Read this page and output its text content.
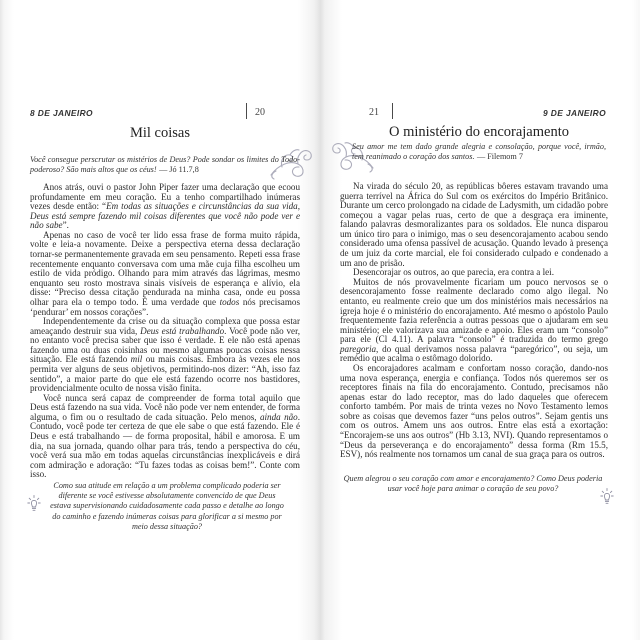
8 DE JANEIRO	20
Mil coisas

Você consegue perscrutar os mistérios de Deus? Pode sondar os limites do Todo-poderoso? São mais altos que os céus! — Jó 11.7,8

Anos atrás, ouvi o pastor John Piper fazer uma declaração que ecoou profundamente em meu coração. Eu a tenho compartilhado inúmeras vezes desde então: “Em todas as situações e circunstâncias da sua vida, Deus está sempre fazendo mil coisas diferentes que você não pode ver e não sabe”.

Apenas no caso de você ter lido essa frase de forma muito rápida, volte e leia-a novamente. Deixe a perspectiva eterna dessa declaração tornar-se permanentemente gravada em seu pensamento. Repeti essa frase recentemente enquanto conversava com uma mãe cuja filha escolheu um estilo de vida pródigo. Olhando para mim através das lágrimas, mesmo enquanto seu rosto mostrava sinais visíveis de esperança e alívio, ela disse: “Preciso dessa citação pendurada na minha casa, onde eu possa olhar para ela o tempo todo. É uma verdade que todos nós precisamos ‘pendurar’ em nossos corações”.

Independentemente da crise ou da situação complexa que possa estar ameaçando destruir sua vida, Deus está trabalhando. Você pode não ver, no entanto você precisa saber que isso é verdade. E ele não está apenas fazendo uma ou duas coisinhas ou mesmo algumas poucas coisas nessa situação. Ele está fazendo mil ou mais coisas. Embora às vezes ele nos permita ver alguns de seus objetivos, permitindo-nos dizer: “Ah, isso faz sentido”, a maior parte do que ele está fazendo ocorre nos bastidores, providencialmente oculto de nossa visão finita.

Você nunca será capaz de compreender de forma total aquilo que Deus está fazendo na sua vida. Você não pode ver nem entender, de forma alguma, o fim ou o resultado de cada situação. Pelo menos, ainda não. Contudo, você pode ter certeza de que ele sabe o que está fazendo. Ele é Deus e está trabalhando — de forma proposital, hábil e amorosa. E um dia, na sua jornada, quando olhar para trás, tendo a perspectiva do céu, você verá sua mão em todas aquelas circunstâncias inexplicáveis e dirá com admiração e adoração: “Tu fazes todas as coisas bem!”. Conte com isso.

Como sua atitude em relação a um problema complicado poderia ser diferente se você estivesse absolutamente convencido de que Deus estava supervisionando cuidadosamente cada passo e detalhe ao longo do caminho e fazendo inúmeras coisas para glorificar a si mesmo por meio dessa situação?

21	9 DE JANEIRO
O ministério do encorajamento

Seu amor me tem dado grande alegria e consolação, porque você, irmão, tem reanimado o coração dos santos. — Filemom 7

Na virada do século 20, as repúblicas bôeres estavam travando uma guerra terrível na África do Sul com os exércitos do Império Britânico. Durante um cerco prolongado na cidade de Ladysmith, um cidadão pobre começou a vagar pelas ruas, certo de que a desgraça era iminente, falando palavras desmoralizantes para os soldados. Ele nunca disparou um único tiro para o inimigo, mas o seu desencorajamento acabou sendo considerado uma ofensa passível de acusação. Quando levado à presença de um juiz da corte marcial, ele foi considerado culpado e condenado a um ano de prisão.

Desencorajar os outros, ao que parecia, era contra a lei.

Muitos de nós provavelmente ficariam um pouco nervosos se o desencorajamento fosse realmente declarado como algo ilegal. No entanto, eu realmente creio que um dos ministérios mais necessários na igreja hoje é o ministério do encorajamento. Até mesmo o apóstolo Paulo frequentemente fazia referência a outras pessoas que o ajudaram em seu ministério; ele valorizava sua amizade e apoio. Eles eram um “consolo” para ele (Cl 4.11). A palavra “consolo” é traduzida do termo grego paregoria, do qual derivamos nossa palavra “paregórico”, ou seja, um remédio que acalma o estômago dolorido.

Os encorajadores acalmam e confortam nosso coração, dando-nos uma nova esperança, energia e confiança. Todos nós queremos ser os receptores finais na fila do encorajamento. Contudo, precisamos não apenas estar do lado receptor, mas do lado daqueles que oferecem conforto também. Por mais de trinta vezes no Novo Testamento lemos sobre as coisas que devemos fazer “uns pelos outros”. Sejam gentis uns com os outros. Amem uns aos outros. Entre elas está a exortação: “Encorajem-se uns aos outros” (Hb 3.13, NVI). Quando representamos o “Deus da perseverança e do encorajamento” dessa forma (Rm 15.5, ESV), nós realmente nos tornamos um canal de sua graça para os outros.

Quem alegrou o seu coração com amor e encorajamento? Como Deus poderia usar você hoje para animar o coração de seu povo?
